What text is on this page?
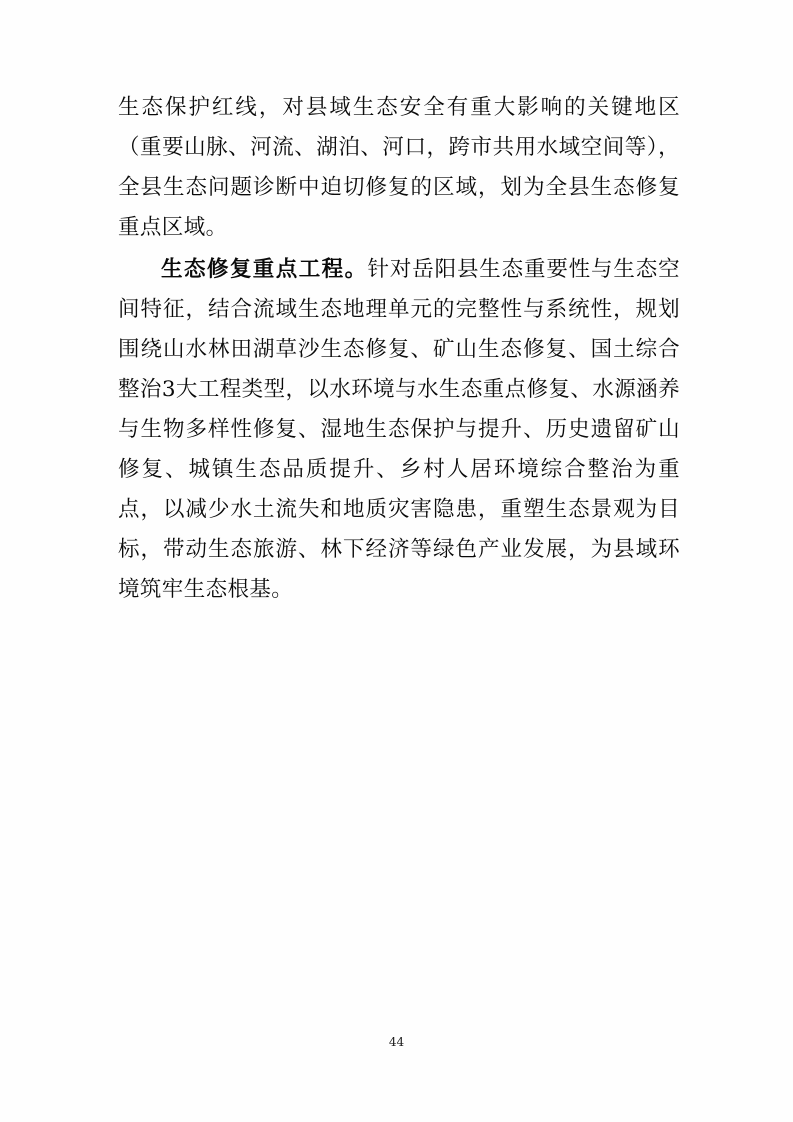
生态保护红线，对县域生态安全有重大影响的关键地区（重要山脉、河流、湖泊、河口，跨市共用水域空间等），全县生态问题诊断中迫切修复的区域，划为全县生态修复重点区域。

生态修复重点工程。针对岳阳县生态重要性与生态空间特征，结合流域生态地理单元的完整性与系统性，规划围绕山水林田湖草沙生态修复、矿山生态修复、国土综合整治3大工程类型，以水环境与水生态重点修复、水源涵养与生物多样性修复、湿地生态保护与提升、历史遗留矿山修复、城镇生态品质提升、乡村人居环境综合整治为重点，以减少水土流失和地质灾害隐患，重塑生态景观为目标，带动生态旅游、林下经济等绿色产业发展，为县域环境筑牢生态根基。

44
